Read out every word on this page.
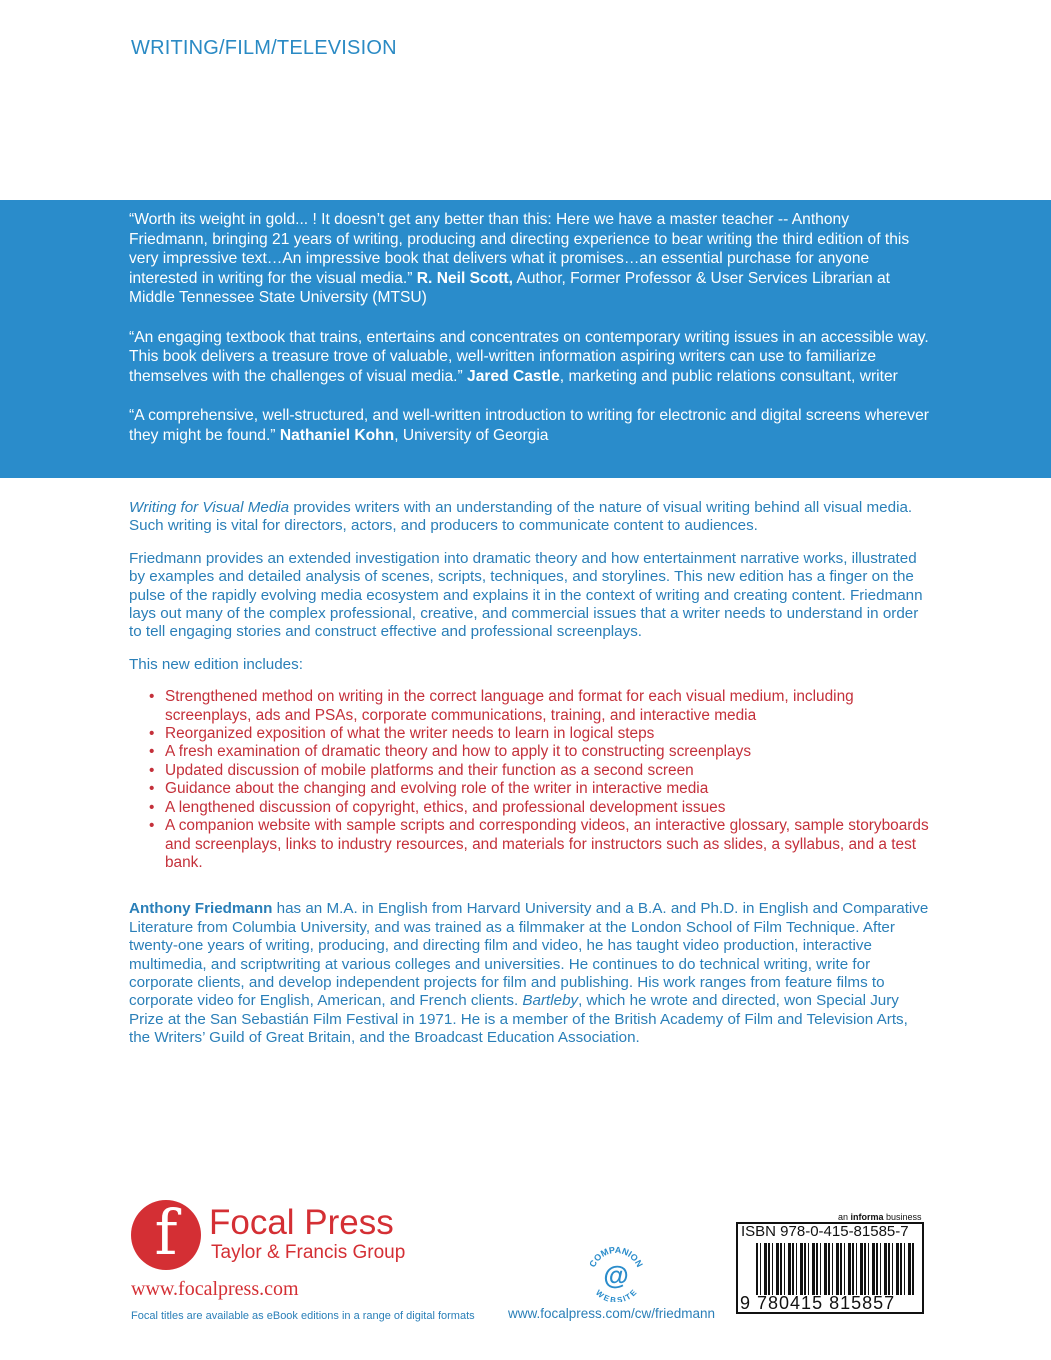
WRITING/FILM/TELEVISION

“Worth its weight in gold... ! It doesn’t get any better than this: Here we have a master teacher -- Anthony Friedmann, bringing 21 years of writing, producing and directing experience to bear writing the third edition of this very impressive text…An impressive book that delivers what it promises…an essential purchase for anyone interested in writing for the visual media.” R. Neil Scott, Author, Former Professor & User Services Librarian at Middle Tennessee State University (MTSU)

“An engaging textbook that trains, entertains and concentrates on contemporary writing issues in an accessible way. This book delivers a treasure trove of valuable, well-written information aspiring writers can use to familiarize themselves with the challenges of visual media.” Jared Castle, marketing and public relations consultant, writer

“A comprehensive, well-structured, and well-written introduction to writing for electronic and digital screens wherever they might be found.” Nathaniel Kohn, University of Georgia

Writing for Visual Media provides writers with an understanding of the nature of visual writing behind all visual media. Such writing is vital for directors, actors, and producers to communicate content to audiences.

Friedmann provides an extended investigation into dramatic theory and how entertainment narrative works, illustrated by examples and detailed analysis of scenes, scripts, techniques, and storylines. This new edition has a finger on the pulse of the rapidly evolving media ecosystem and explains it in the context of writing and creating content. Friedmann lays out many of the complex professional, creative, and commercial issues that a writer needs to understand in order to tell engaging stories and construct effective and professional screenplays.

This new edition includes:

• Strengthened method on writing in the correct language and format for each visual medium, including screenplays, ads and PSAs, corporate communications, training, and interactive media
• Reorganized exposition of what the writer needs to learn in logical steps
• A fresh examination of dramatic theory and how to apply it to constructing screenplays
• Updated discussion of mobile platforms and their function as a second screen
• Guidance about the changing and evolving role of the writer in interactive media
• A lengthened discussion of copyright, ethics, and professional development issues
• A companion website with sample scripts and corresponding videos, an interactive glossary, sample storyboards and screenplays, links to industry resources, and materials for instructors such as slides, a syllabus, and a test bank.

Anthony Friedmann has an M.A. in English from Harvard University and a B.A. and Ph.D. in English and Comparative Literature from Columbia University, and was trained as a filmmaker at the London School of Film Technique. After twenty-one years of writing, producing, and directing film and video, he has taught video production, interactive multimedia, and scriptwriting at various colleges and universities. He continues to do technical writing, write for corporate clients, and develop independent projects for film and publishing. His work ranges from feature films to corporate video for English, American, and French clients. Bartleby, which he wrote and directed, won Special Jury Prize at the San Sebastián Film Festival in 1971. He is a member of the British Academy of Film and Television Arts, the Writers’ Guild of Great Britain, and the Broadcast Education Association.

f Focal Press
Taylor & Francis Group
www.focalpress.com
Focal titles are available as eBook editions in a range of digital formats
COMPANION
WEBSITE
@
www.focalpress.com/cw/friedmann
an informa business
ISBN 978-0-415-81585-7
9 780415 815857
